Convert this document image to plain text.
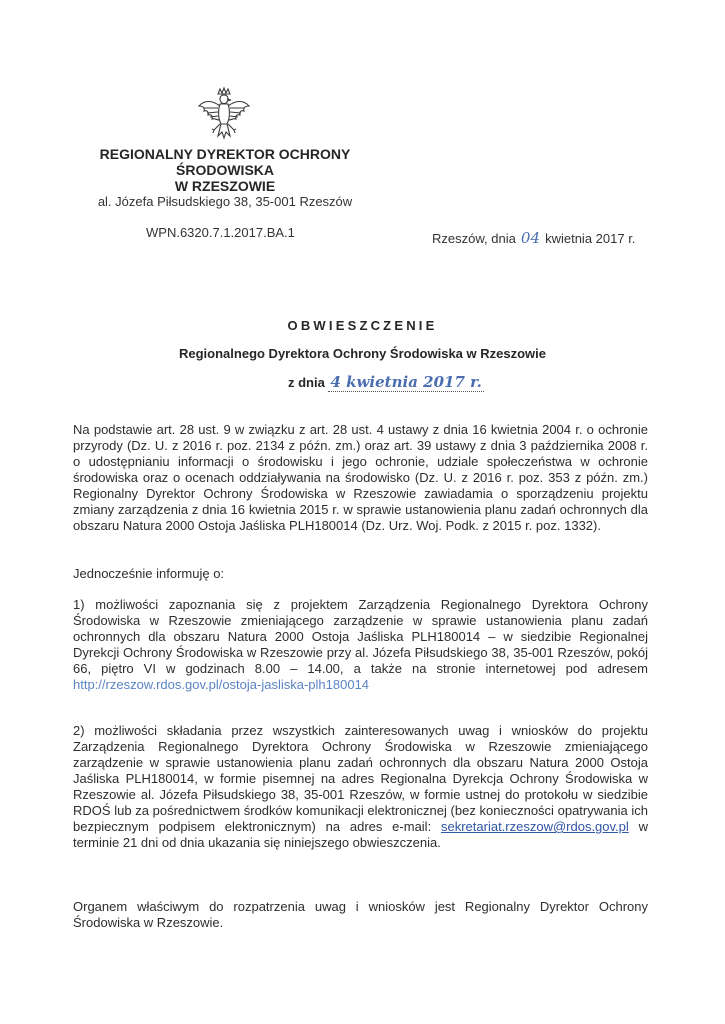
REGIONALNY DYREKTOR OCHRONY
ŚRODOWISKA
W RZESZOWIE
al. Józefa Piłsudskiego 38, 35-001 Rzeszów
WPN.6320.7.1.2017.BA.1	Rzeszów, dnia 04 kwietnia 2017 r.
OBWIESZCZENIE
Regionalnego Dyrektora Ochrony Środowiska w Rzeszowie
z dnia 4 kwietnia 2017 r.
Na podstawie art. 28 ust. 9 w związku z art. 28 ust. 4 ustawy z dnia 16 kwietnia 2004 r. o ochronie przyrody (Dz. U. z 2016 r. poz. 2134 z późn. zm.) oraz art. 39 ustawy z dnia 3 października 2008 r. o udostępnianiu informacji o środowisku i jego ochronie, udziale społeczeństwa w ochronie środowiska oraz o ocenach oddziaływania na środowisko (Dz. U. z 2016 r. poz. 353 z późn. zm.) Regionalny Dyrektor Ochrony Środowiska w Rzeszowie zawiadamia o sporządzeniu projektu zmiany zarządzenia z dnia 16 kwietnia 2015 r. w sprawie ustanowienia planu zadań ochronnych dla obszaru Natura 2000 Ostoja Jaśliska PLH180014 (Dz. Urz. Woj. Podk. z 2015 r. poz. 1332).
Jednocześnie informuję o:
1) możliwości zapoznania się z projektem Zarządzenia Regionalnego Dyrektora Ochrony Środowiska w Rzeszowie zmieniającego zarządzenie w sprawie ustanowienia planu zadań ochronnych dla obszaru Natura 2000 Ostoja Jaśliska PLH180014 – w siedzibie Regionalnej Dyrekcji Ochrony Środowiska w Rzeszowie przy al. Józefa Piłsudskiego 38, 35-001 Rzeszów, pokój 66, piętro VI w godzinach 8.00 – 14.00, a także na stronie internetowej pod adresem http://rzeszow.rdos.gov.pl/ostoja-jasliska-plh180014
2) możliwości składania przez wszystkich zainteresowanych uwag i wniosków do projektu Zarządzenia Regionalnego Dyrektora Ochrony Środowiska w Rzeszowie zmieniającego zarządzenie w sprawie ustanowienia planu zadań ochronnych dla obszaru Natura 2000 Ostoja Jaśliska PLH180014, w formie pisemnej na adres Regionalna Dyrekcja Ochrony Środowiska w Rzeszowie al. Józefa Piłsudskiego 38, 35-001 Rzeszów, w formie ustnej do protokołu w siedzibie RDOŚ lub za pośrednictwem środków komunikacji elektronicznej (bez konieczności opatrywania ich bezpiecznym podpisem elektronicznym) na adres e-mail: sekretariat.rzeszow@rdos.gov.pl w terminie 21 dni od dnia ukazania się niniejszego obwieszczenia.
Organem właściwym do rozpatrzenia uwag i wniosków jest Regionalny Dyrektor Ochrony Środowiska w Rzeszowie.
